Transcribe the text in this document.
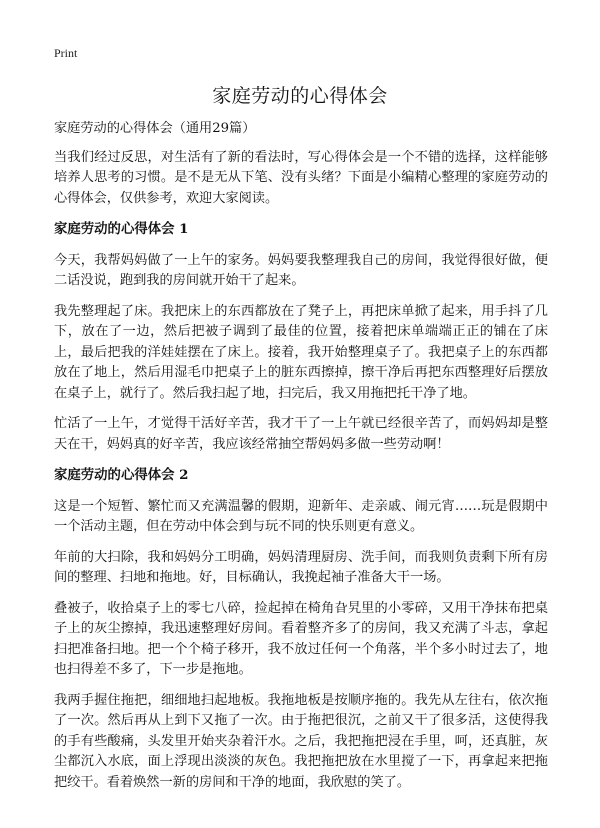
Print
家庭劳动的心得体会

家庭劳动的心得体会（通用29篇）

当我们经过反思，对生活有了新的看法时，写心得体会是一个不错的选择，这样能够培养人思考的习惯。是不是无从下笔、没有头绪？下面是小编精心整理的家庭劳动的心得体会，仅供参考，欢迎大家阅读。

家庭劳动的心得体会 1

今天，我帮妈妈做了一上午的家务。妈妈要我整理我自己的房间，我觉得很好做，便二话没说，跑到我的房间就开始干了起来。

我先整理起了床。我把床上的东西都放在了凳子上，再把床单掀了起来，用手抖了几下，放在了一边，然后把被子调到了最佳的位置，接着把床单端端正正的铺在了床上，最后把我的洋娃娃摆在了床上。接着，我开始整理桌子了。我把桌子上的东西都放在了地上，然后用湿毛巾把桌子上的脏东西擦掉，擦干净后再把东西整理好后摆放在桌子上，就行了。然后我扫起了地，扫完后，我又用拖把托干净了地。

忙活了一上午，才觉得干活好辛苦，我才干了一上午就已经很辛苦了，而妈妈却是整天在干，妈妈真的好辛苦，我应该经常抽空帮妈妈多做一些劳动啊！

家庭劳动的心得体会 2

这是一个短暂、繁忙而又充满温馨的假期，迎新年、走亲戚、闹元宵……玩是假期中一个活动主题，但在劳动中体会到与玩不同的快乐则更有意义。

年前的大扫除，我和妈妈分工明确，妈妈清理厨房、洗手间，而我则负责剩下所有房间的整理、扫地和拖地。好，目标确认，我挽起袖子准备大干一场。

叠被子，收拾桌子上的零七八碎，捡起掉在椅角旮旯里的小零碎，又用干净抹布把桌子上的灰尘擦掉，我迅速整理好房间。看着整齐多了的房间，我又充满了斗志，拿起扫把准备扫地。把一个个椅子移开，我不放过任何一个角落，半个多小时过去了，地也扫得差不多了，下一步是拖地。

我两手握住拖把，细细地扫起地板。我拖地板是按顺序拖的。我先从左往右，依次拖了一次。然后再从上到下又拖了一次。由于拖把很沉，之前又干了很多活，这使得我的手有些酸痛，头发里开始夹杂着汗水。之后，我把拖把浸在手里，呵，还真脏，灰尘都沉入水底，面上浮现出淡淡的灰色。我把拖把放在水里搅了一下，再拿起来把拖把绞干。看着焕然一新的房间和干净的地面，我欣慰的笑了。
